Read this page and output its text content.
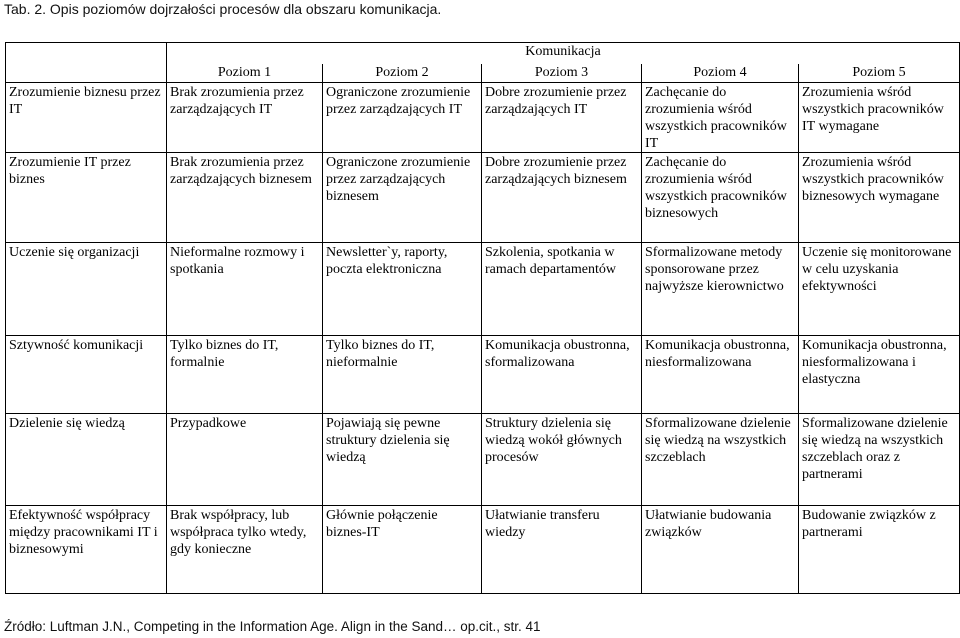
Tab. 2. Opis poziomów dojrzałości procesów dla obszaru komunikacja.
	Komunikacja				
	Poziom 1	Poziom 2	Poziom 3	Poziom 4	Poziom 5
Zrozumienie biznesu przez IT	Brak zrozumienia przez zarządzających IT	Ograniczone zrozumienie przez zarządzających IT	Dobre zrozumienie przez zarządzających IT	Zachęcanie do zrozumienia wśród wszystkich pracowników IT	Zrozumienia wśród wszystkich pracowników IT wymagane
Zrozumienie IT przez biznes	Brak zrozumienia przez zarządzających biznesem	Ograniczone zrozumienie przez zarządzających biznesem	Dobre zrozumienie przez zarządzających biznesem	Zachęcanie do zrozumienia wśród wszystkich pracowników biznesowych	Zrozumienia wśród wszystkich pracowników biznesowych wymagane
Uczenie się organizacji	Nieformalne rozmowy i spotkania	Newsletter`y, raporty, poczta elektroniczna	Szkolenia, spotkania w ramach departamentów	Sformalizowane metody sponsorowane przez najwyższe kierownictwo	Uczenie się monitorowane w celu uzyskania efektywności
Sztywność komunikacji	Tylko biznes do IT, formalnie	Tylko biznes do IT, nieformalnie	Komunikacja obustronna, sformalizowana	Komunikacja obustronna, niesformalizowana	Komunikacja obustronna, niesformalizowana i elastyczna
Dzielenie się wiedzą	Przypadkowe	Pojawiają się pewne struktury dzielenia się wiedzą	Struktury dzielenia się wiedzą wokół głównych procesów	Sformalizowane dzielenie się wiedzą na wszystkich szczeblach	Sformalizowane dzielenie się wiedzą na wszystkich szczeblach oraz z partnerami
Efektywność współpracy między pracownikami IT i biznesowymi	Brak współpracy, lub współpraca tylko wtedy, gdy konieczne	Głównie połączenie biznes-IT	Ułatwianie transferu wiedzy	Ułatwianie budowania związków	Budowanie związków z partnerami
Źródło: Luftman J.N., Competing in the Information Age. Align in the Sand… op.cit., str. 41
